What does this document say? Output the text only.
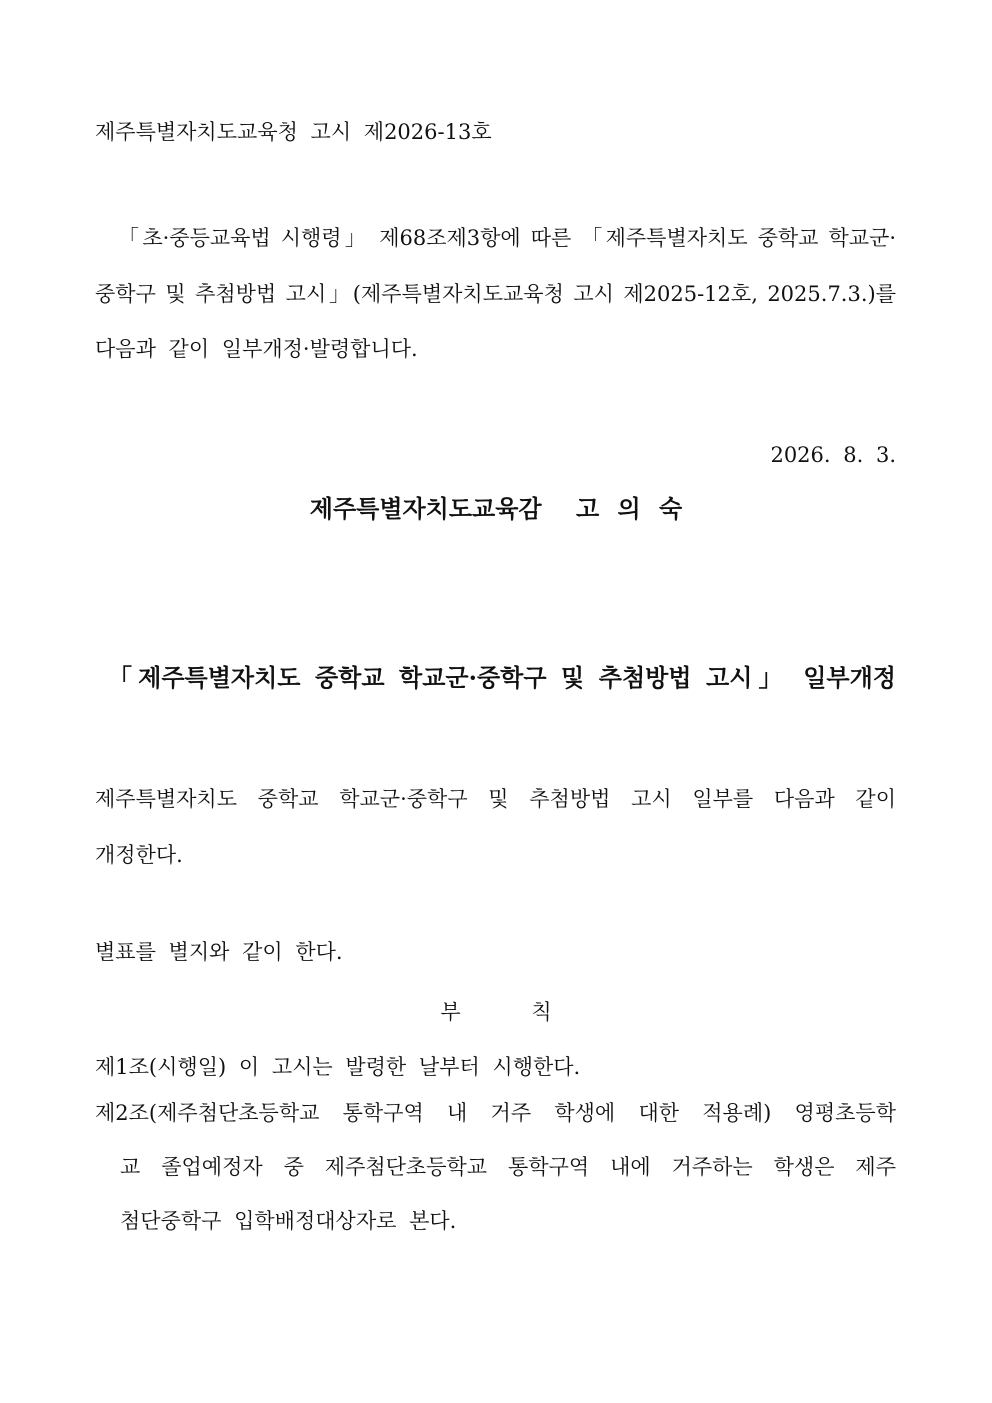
제주특별자치도교육청 고시 제2026-13호
「초·중등교육법 시행령」 제68조제3항에 따른 「제주특별자치도 중학교 학교군·
중학구 및 추첨방법 고시」(제주특별자치도교육청 고시 제2025-12호, 2025.7.3.)를
다음과 같이 일부개정·발령합니다.
2026. 8. 3.
제주특별자치도교육감 고 의 숙
「제주특별자치도 중학교 학교군·중학구 및 추첨방법 고시」 일부개정
제주특별자치도 중학교 학교군·중학구 및 추첨방법 고시 일부를 다음과 같이
개정한다.
별표를 별지와 같이 한다.
부	칙
제1조(시행일) 이 고시는 발령한 날부터 시행한다.
제2조(제주첨단초등학교 통학구역 내 거주 학생에 대한 적용례) 영평초등학
교 졸업예정자 중 제주첨단초등학교 통학구역 내에 거주하는 학생은 제주
첨단중학구 입학배정대상자로 본다.
